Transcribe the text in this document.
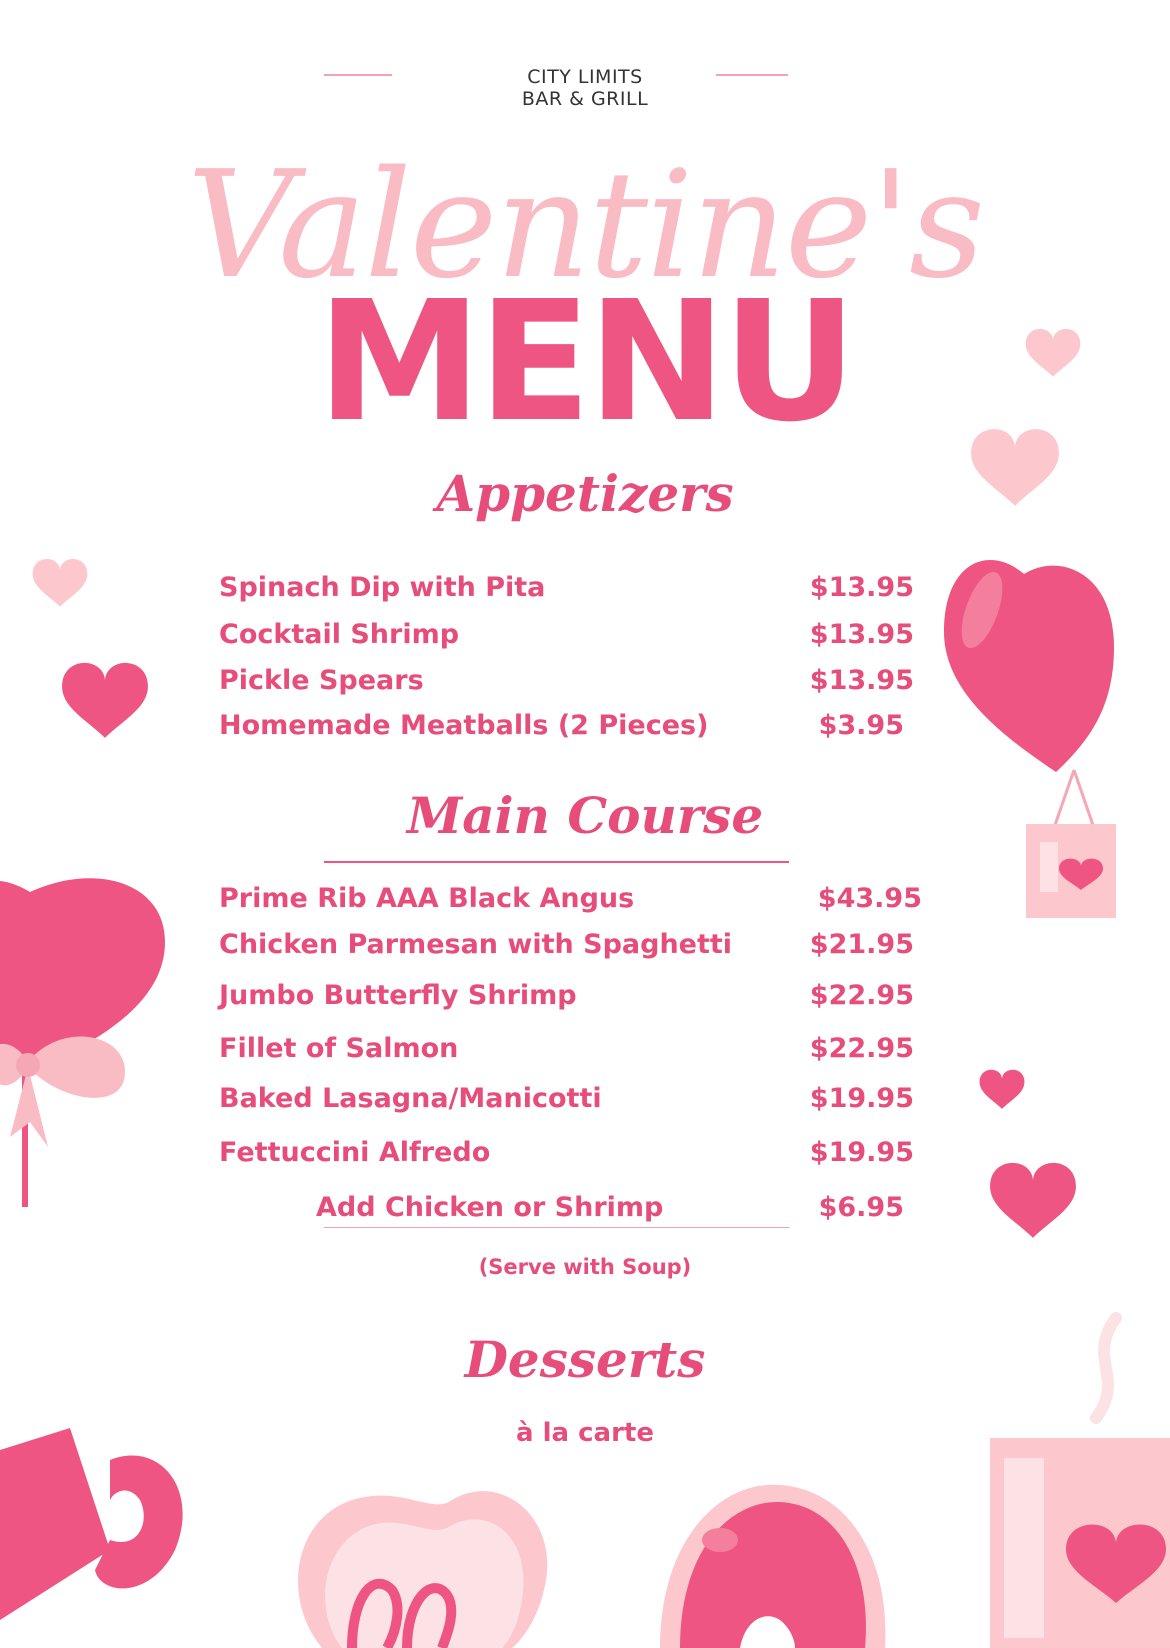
CITY LIMITS
BAR & GRILL
Valentine's
MENU
Appetizers
Spinach Dip with Pita	$13.95
Cocktail Shrimp	$13.95
Pickle Spears	$13.95
Homemade Meatballs (2 Pieces)	$3.95
Main Course
Prime Rib AAA Black Angus	$43.95
Chicken Parmesan with Spaghetti	$21.95
Jumbo Butterfly Shrimp	$22.95
Fillet of Salmon	$22.95
Baked Lasagna/Manicotti	$19.95
Fettuccini Alfredo	$19.95
Add Chicken or Shrimp	$6.95
(Serve with Soup)
Desserts
à la carte
